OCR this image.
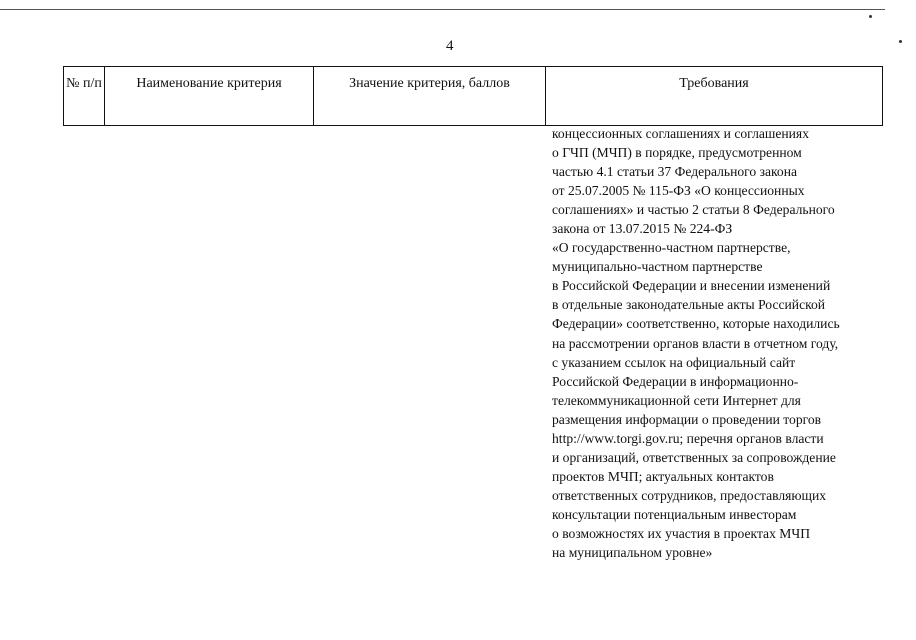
4
№ п/п	Наименование критерия	Значение критерия, баллов	Требования
концессионных соглашениях и соглашениях
о ГЧП (МЧП) в порядке, предусмотренном
частью 4.1 статьи 37 Федерального закона
от 25.07.2005 № 115-ФЗ «О концессионных
соглашениях» и частью 2 статьи 8 Федерального
закона от 13.07.2015 № 224-ФЗ
«О государственно-частном партнерстве,
муниципально-частном партнерстве
в Российской Федерации и внесении изменений
в отдельные законодательные акты Российской
Федерации» соответственно, которые находились
на рассмотрении органов власти в отчетном году,
с указанием ссылок на официальный сайт
Российской Федерации в информационно-
телекоммуникационной сети Интернет для
размещения информации о проведении торгов
http://www.torgi.gov.ru; перечня органов власти
и организаций, ответственных за сопровождение
проектов МЧП; актуальных контактов
ответственных сотрудников, предоставляющих
консультации потенциальным инвесторам
о возможностях их участия в проектах МЧП
на муниципальном уровне»
